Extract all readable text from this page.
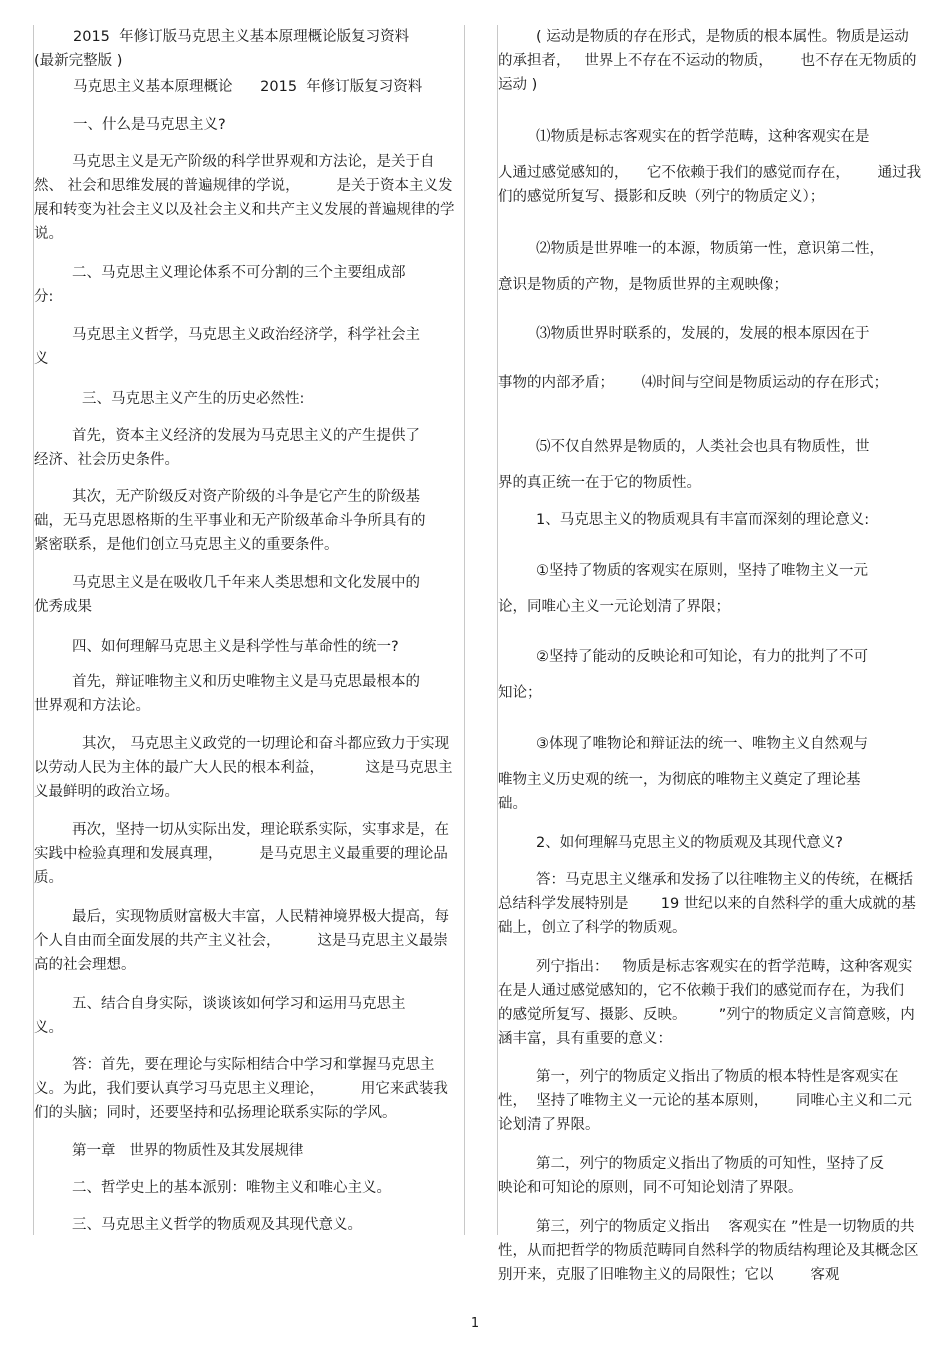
2015  年修订版马克思主义基本原理概论版复习资料

(最新完整版 )

马克思主义基本原理概论      2015  年修订版复习资料

一、什么是马克思主义?

马克思主义是无产阶级的科学世界观和方法论，是关于自然、 社会和思维发展的普遍规律的学说，        是关于资本主义发展和转变为社会主义以及社会主义和共产主义发展的普遍规律的学说。

二、马克思主义理论体系不可分割的三个主要组成部分:

马克思主义哲学，马克思主义政治经济学，科学社会主义

三、马克思主义产生的历史必然性:

首先，资本主义经济的发展为马克思主义的产生提供了经济、社会历史条件。

其次，无产阶级反对资产阶级的斗争是它产生的阶级基础，无马克思恩格斯的生平事业和无产阶级革命斗争所具有的紧密联系，是他们创立马克思主义的重要条件。

马克思主义是在吸收几千年来人类思想和文化发展中的优秀成果

四、如何理解马克思主义是科学性与革命性的统一?

首先，辩证唯物主义和历史唯物主义是马克思最根本的世界观和方法论。

其次， 马克思主义政党的一切理论和奋斗都应致力于实现以劳动人民为主体的最广大人民的根本利益，         这是马克思主义最鲜明的政治立场。

再次，坚持一切从实际出发，理论联系实际，实事求是，在实践中检验真理和发展真理，        是马克思主义最重要的理论品质。

最后，实现物质财富极大丰富，人民精神境界极大提高，每个人自由而全面发展的共产主义社会，        这是马克思主义最崇高的社会理想。

五、结合自身实际，谈谈该如何学习和运用马克思主义。

答：首先，要在理论与实际相结合中学习和掌握马克思主义。为此，我们要认真学习马克思主义理论，        用它来武装我们的头脑；同时，还要坚持和弘扬理论联系实际的学风。

第一章   世界的物质性及其发展规律

二、哲学史上的基本派别：唯物主义和唯心主义。

三、马克思主义哲学的物质观及其现代意义。

( 运动是物质的存在形式，是物质的根本属性。物质是运动的承担者，   世界上不存在不运动的物质，      也不存在无物质的运动 )

⑴物质是标志客观实在的哲学范畴，这种客观实在是

人通过感觉感知的，    它不依赖于我们的感觉而存在，      通过我们的感觉所复写、摄影和反映（列宁的物质定义）；

⑵物质是世界唯一的本源，物质第一性，意识第二性，

意识是物质的产物，是物质世界的主观映像；

⑶物质世界时联系的，发展的，发展的根本原因在于

事物的内部矛盾；      ⑷时间与空间是物质运动的存在形式；

⑸不仅自然界是物质的，人类社会也具有物质性，世

界的真正统一在于它的物质性。

1、马克思主义的物质观具有丰富而深刻的理论意义:

①坚持了物质的客观实在原则，坚持了唯物主义一元

论，同唯心主义一元论划清了界限；

②坚持了能动的反映论和可知论，有力的批判了不可

知论；

③体现了唯物论和辩证法的统一、唯物主义自然观与

唯物主义历史观的统一，为彻底的唯物主义奠定了理论基础。

2、如何理解马克思主义的物质观及其现代意义?

答：马克思主义继承和发扬了以往唯物主义的传统，在概括总结科学发展特别是       19 世纪以来的自然科学的重大成就的基础上，创立了科学的物质观。

列宁指出：   物质是标志客观实在的哲学范畴，这种客观实在是人通过感觉感知的，它不依赖于我们的感觉而存在，为我们的感觉所复写、摄影、反映。       ”列宁的物质定义言简意赅，内涵丰富，具有重要的意义：

第一，列宁的物质定义指出了物质的根本特性是客观实在性，  坚持了唯物主义一元论的基本原则，      同唯心主义和二元论划清了界限。

第二，列宁的物质定义指出了物质的可知性，坚持了反映论和可知论的原则，同不可知论划清了界限。

第三，列宁的物质定义指出    客观实在 ”性是一切物质的共性，从而把哲学的物质范畴同自然科学的物质结构理论及其概念区别开来，克服了旧唯物主义的局限性；它以        客观

1
